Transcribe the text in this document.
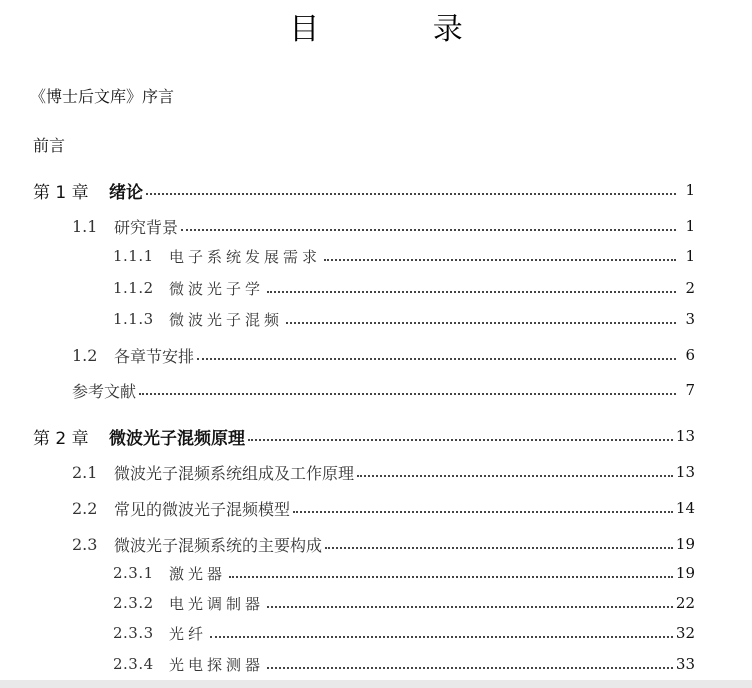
目 录
《博士后文库》序言
前言
第 1 章	绪论	1
1.1	研究背景	1
1.1.1	电子系统发展需求	1
1.1.2	微波光子学	2
1.1.3	微波光子混频	3
1.2	各章节安排	6
参考文献	7
第 2 章	微波光子混频原理	13
2.1	微波光子混频系统组成及工作原理	13
2.2	常见的微波光子混频模型	14
2.3	微波光子混频系统的主要构成	19
2.3.1	激光器	19
2.3.2	电光调制器	22
2.3.3	光纤	32
2.3.4	光电探测器	33
